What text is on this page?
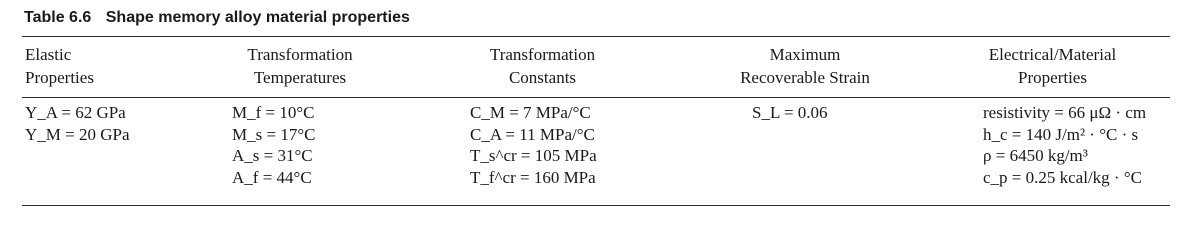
Table 6.6 Shape memory alloy material properties
Elastic
Properties
Transformation
Temperatures
Transformation
Constants
Maximum
Recoverable Strain
Electrical/Material
Properties
Y_A = 62 GPa
Y_M = 20 GPa
M_f = 10°C
M_s = 17°C
A_s = 31°C
A_f = 44°C
C_M = 7 MPa/°C
C_A = 11 MPa/°C
T_s^cr = 105 MPa
T_f^cr = 160 MPa
S_L = 0.06	resistivity = 66 μΩ · cm
h_c = 140 J/m² · °C · s
ρ = 6450 kg/m³
c_p = 0.25 kcal/kg · °C
